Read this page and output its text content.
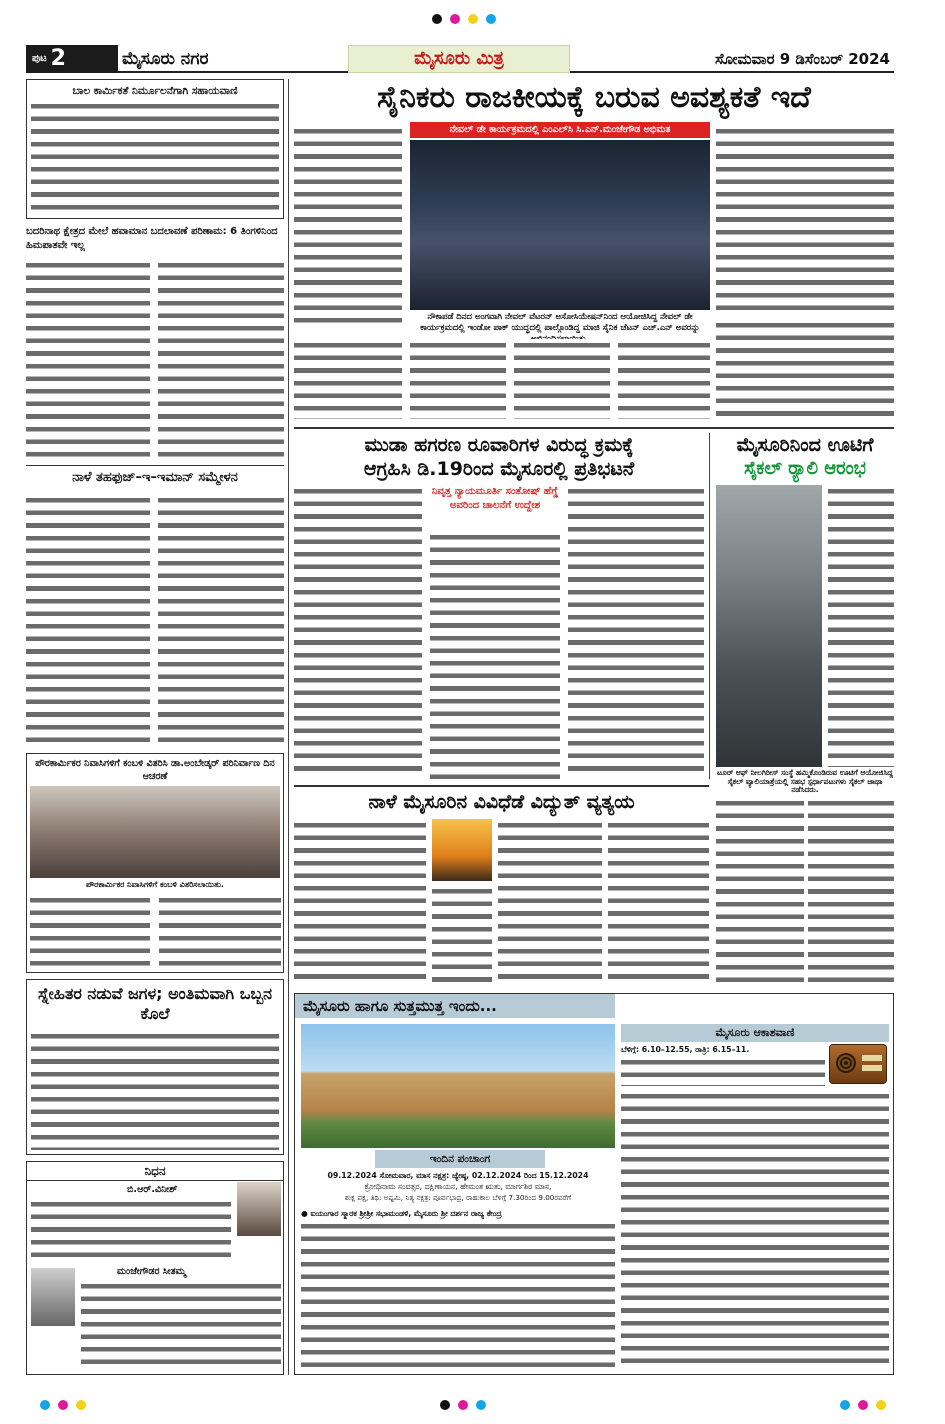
ಪುಟ 2	ಮೈಸೂರು ನಗರ	ಮೈಸೂರು ಮಿತ್ರ	ಸೋಮವಾರ 9 ಡಿಸೆಂಬರ್ 2024
ಬಾಲ ಕಾರ್ಮಿಕತೆ ನಿರ್ಮೂಲನೆಗಾಗಿ ಸಹಾಯವಾಣಿ
ಬದರಿನಾಥ ಕ್ಷೇತ್ರದ ಮೇಲೆ ಹವಾಮಾನ ಬದಲಾವಣೆ ಪರಿಣಾಮ: 6 ತಿಂಗಳಿನಿಂದ ಹಿಮಪಾತವೇ ಇಲ್ಲ
ನಾಳೆ ತಹಫುಜ್‌–ಇ–ಇಮಾನ್‌ ಸಮ್ಮೇಳನ
ಪೌರಕಾರ್ಮಿಕರ ನಿವಾಸಿಗಳಿಗೆ ಕಂಬಳಿ ವಿತರಿಸಿ ಡಾ.ಅಂಬೇಡ್ಕರ್ ಪರಿನಿರ್ವಾಣ ದಿನ ಆಚರಣೆ
ಪೌರಕಾರ್ಮಿಕರ ನಿವಾಸಿಗಳಿಗೆ ಕಂಬಳಿ ವಿತರಿಸಲಾಯಿತು.
ಸ್ನೇಹಿತರ ನಡುವೆ ಜಗಳ; ಅಂತಿಮವಾಗಿ ಒಬ್ಬನ ಕೊಲೆ
ನಿಧನ
ಬಿ.ಆರ್.ವಿನೀಶ್
ಮಂಜೇಗೌಡರ ಸೀತಮ್ಮ
ಸೈನಿಕರು ರಾಜಕೀಯಕ್ಕೆ ಬರುವ ಅವಶ್ಯಕತೆ ಇದೆ
ನೇವಲ್ ಡೇ ಕಾರ್ಯಕ್ರಮದಲ್ಲಿ ಎಂಎಲ್‌ಸಿ ಸಿ.ಎನ್.ಮಂಜೇಗೌಡ ಅಭಿಮತ
ನೌಕಾಪಡೆ ದಿನದ ಅಂಗವಾಗಿ ನೇವಲ್ ವೆಟರನ್ ಅಸೋಸಿಯೇಷನ್‌ನಿಂದ ಆಯೋಜಿಸಿದ್ದ ನೇವಲ್ ಡೇ ಕಾರ್ಯಕ್ರಮದಲ್ಲಿ ಇಂಡೋ ಪಾಕ್ ಯುದ್ಧದಲ್ಲಿ ಪಾಲ್ಗೊಂಡಿದ್ದ ಮಾಜಿ ಸೈನಿಕ ಚೆಟನ್ ಎಚ್.ಎನ್ ಅವರನ್ನು
ಮುಡಾ ಹಗರಣ ರೂವಾರಿಗಳ ವಿರುದ್ಧ ಕ್ರಮಕ್ಕೆ
ಆಗ್ರಹಿಸಿ ಡಿ.19ರಿಂದ ಮೈಸೂರಲ್ಲಿ ಪ್ರತಿಭಟನೆ
ನಿವೃತ್ತ ನ್ಯಾಯಮೂರ್ತಿ ಸಂತೋಷ್ ಹೆಗ್ಡೆ ಅವರಿಂದ ಚಾಲನೆಗೆ ಉದ್ದೇಶ
ಮೈಸೂರಿನಿಂದ ಊಟಿಗೆ
ಸೈಕಲ್ ರ್‍ಯಾಲಿ ಆರಂಭ
ಟೂರ್ ಆಫ್ ನೀಲಗಿರೀಸ್ ಸಂಸ್ಥೆ ಹಮ್ಮಿಕೊಂಡಿರುವ ಊಟಿಗೆ ಆಯೋಜಿಸಿದ್ದ ಸೈಕಲ್ ವ್ಯಾಲಿಯಾತ್ರೆಯಲ್ಲಿ ಸಹಭ ಸ್ಪರ್ಧಾಪಟುಗಳು ಸೈಕಲ್ ಜಾಥಾ ನಡೆಸಿದರು.
ನಾಳೆ ಮೈಸೂರಿನ ವಿವಿಧೆಡೆ ವಿದ್ಯುತ್ ವ್ಯತ್ಯಯ
ಮೈಸೂರು ಹಾಗೂ ಸುತ್ತಮುತ್ತ ಇಂದು...
ಇಂದಿನ ಪಂಚಾಂಗ
09.12.2024 ಸೋಮವಾರ, ಮಾಸ ನಕ್ಷತ್ರ: ಜ್ಯೇಷ್ಠ, 02.12.2024 ರಿಂದ 15.12.2024
ಕ್ರೋಧಿನಾಮ ಸಂವತ್ಸರ, ದಕ್ಷಿಣಾಯನ, ಹೇಮಂತ ಋತು, ಮಾರ್ಗಶಿರ ಮಾಸ,
ಶುಕ್ಲ ಪಕ್ಷ, ತಿಥಿ: ಅಷ್ಟಮಿ, ನಿತ್ಯ ನಕ್ಷತ್ರ: ಪೂರ್ವಭಾದ್ರ, ರಾಹುಕಾಲ ಬೆಳಿಗ್ಗೆ 7.30ರಿಂದ 9.00ರವರೆಗೆ
● ಐಯಂಗಾರ ಸ್ಮಾರಕ ಶ್ರೀಶ್ರೀ ಸಭಾಮಂಡಳಿ, ಮೈಸೂರು ಶ್ರೀ ದರ್ಶನ ರಾಜ್ಯ ಕೇಂದ್ರ
ಮೈಸೂರು ಆಕಾಶವಾಣಿ
ಬೆಳಿಗ್ಗೆ: 6.10–12.55, ರಾತ್ರಿ: 6.15–11.
